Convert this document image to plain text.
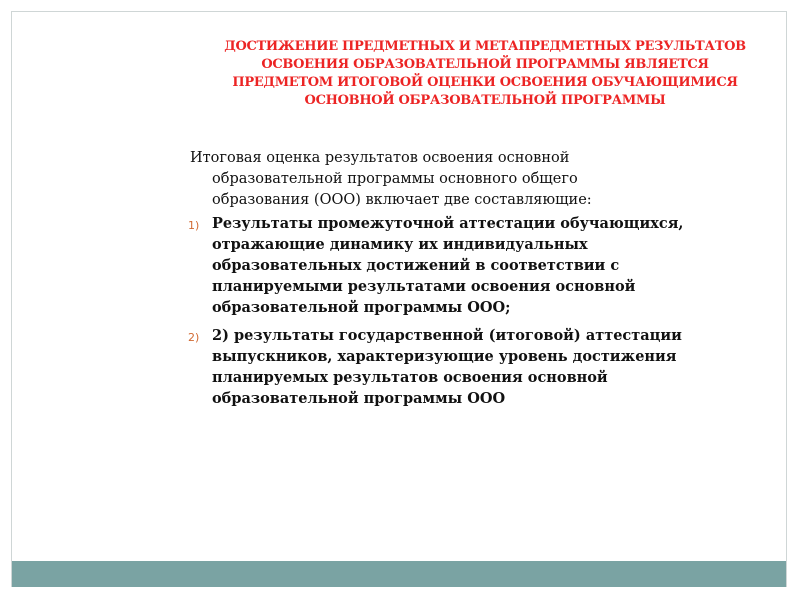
ДОСТИЖЕНИЕ ПРЕДМЕТНЫХ И МЕТАПРЕДМЕТНЫХ РЕЗУЛЬТАТОВ
ОСВОЕНИЯ ОБРАЗОВАТЕЛЬНОЙ ПРОГРАММЫ ЯВЛЯЕТСЯ
ПРЕДМЕТОМ ИТОГОВОЙ ОЦЕНКИ ОСВОЕНИЯ ОБУЧАЮЩИМИСЯ
ОСНОВНОЙ ОБРАЗОВАТЕЛЬНОЙ ПРОГРАММЫ

Итоговая оценка результатов освоения основной
образовательной программы основного общего
образования (ООО) включает две составляющие:

1) Результаты промежуточной аттестации обучающихся,
отражающие динамику их индивидуальных
образовательных достижений в соответствии с
планируемыми результатами освоения основной
образовательной программы ООО;
2) 2) результаты государственной (итоговой) аттестации
выпускников, характеризующие уровень достижения
планируемых результатов освоения основной
образовательной программы ООО
